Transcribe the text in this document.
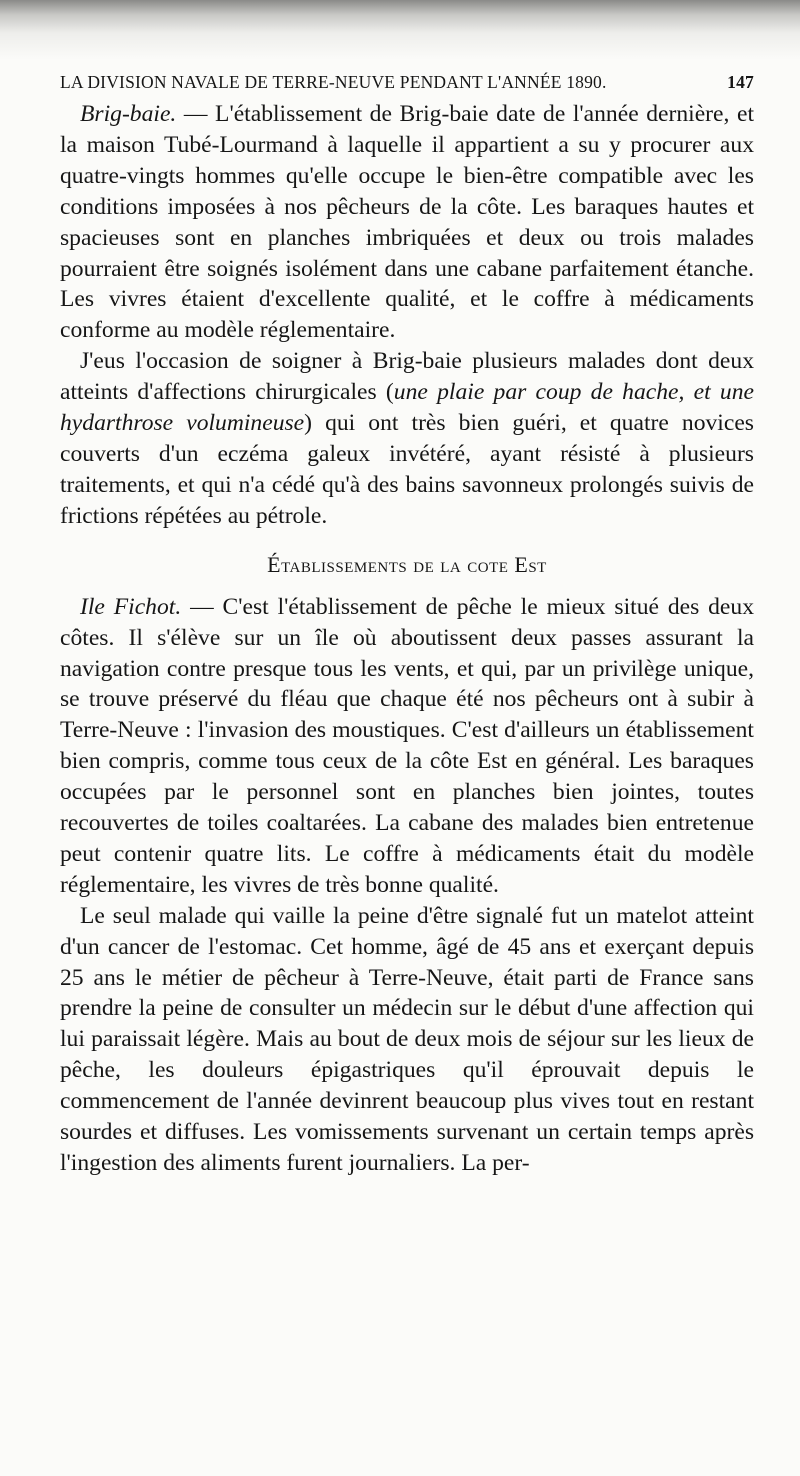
LA DIVISION NAVALE DE TERRE-NEUVE PENDANT L'ANNÉE 1890.	147

Brig-baie. — L'établissement de Brig-baie date de l'année dernière, et la maison Tubé-Lourmand à laquelle il appartient a su y procurer aux quatre-vingts hommes qu'elle occupe le bien-être compatible avec les conditions imposées à nos pêcheurs de la côte. Les baraques hautes et spacieuses sont en planches imbriquées et deux ou trois malades pourraient être soignés isolément dans une cabane parfaitement étanche. Les vivres étaient d'excellente qualité, et le coffre à médicaments conforme au modèle réglementaire.

J'eus l'occasion de soigner à Brig-baie plusieurs malades dont deux atteints d'affections chirurgicales (une plaie par coup de hache, et une hydarthrose volumineuse) qui ont très bien guéri, et quatre novices couverts d'un eczéma galeux invétéré, ayant résisté à plusieurs traitements, et qui n'a cédé qu'à des bains savonneux prolongés suivis de frictions répétées au pétrole.

Établissements de la cote Est

Ile Fichot. — C'est l'établissement de pêche le mieux situé des deux côtes. Il s'élève sur un île où aboutissent deux passes assurant la navigation contre presque tous les vents, et qui, par un privilège unique, se trouve préservé du fléau que chaque été nos pêcheurs ont à subir à Terre-Neuve : l'invasion des moustiques. C'est d'ailleurs un établissement bien compris, comme tous ceux de la côte Est en général. Les baraques occupées par le personnel sont en planches bien jointes, toutes recouvertes de toiles coaltarées. La cabane des malades bien entretenue peut contenir quatre lits. Le coffre à médicaments était du modèle réglementaire, les vivres de très bonne qualité.

Le seul malade qui vaille la peine d'être signalé fut un matelot atteint d'un cancer de l'estomac. Cet homme, âgé de 45 ans et exerçant depuis 25 ans le métier de pêcheur à Terre-Neuve, était parti de France sans prendre la peine de consulter un médecin sur le début d'une affection qui lui paraissait légère. Mais au bout de deux mois de séjour sur les lieux de pêche, les douleurs épigastriques qu'il éprouvait depuis le commencement de l'année devinrent beaucoup plus vives tout en restant sourdes et diffuses. Les vomissements survenant un certain temps après l'ingestion des aliments furent journaliers. La per-
